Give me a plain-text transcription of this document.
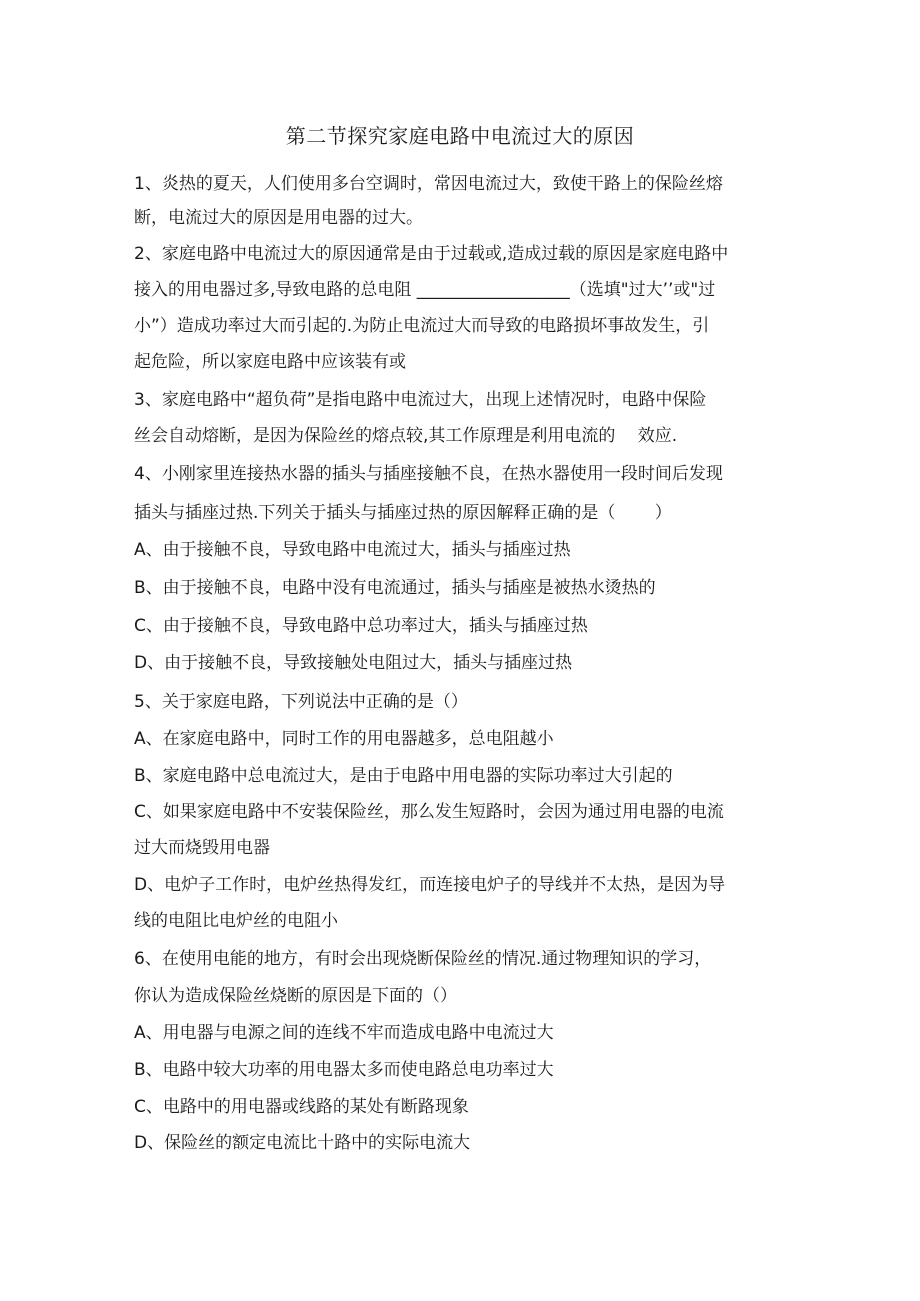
第二节探究家庭电路中电流过大的原因
1、炎热的夏天，人们使用多台空调时，常因电流过大，致使干路上的保险丝熔
断，电流过大的原因是用电器的过大。
2、家庭电路中电流过大的原因通常是由于过载或,造成过载的原因是家庭电路中
接入的用电器过多,导致电路的总电阻 __________________（选填"过大’’或"过
小”）造成功率过大而引起的.为防止电流过大而导致的电路损坏事故发生，引
起危险，所以家庭电路中应该装有或
3、家庭电路中“超负荷”是指电路中电流过大，出现上述情况时，电路中保险
丝会自动熔断，是因为保险丝的熔点较,其工作原理是利用电流的　 效应.
4、小刚家里连接热水器的插头与插座接触不良，在热水器使用一段时间后发现
插头与插座过热.下列关于插头与插座过热的原因解释正确的是（　　 ）
A、由于接触不良，导致电路中电流过大，插头与插座过热
B、由于接触不良，电路中没有电流通过，插头与插座是被热水烫热的
C、由于接触不良，导致电路中总功率过大，插头与插座过热
D、由于接触不良，导致接触处电阻过大，插头与插座过热
5、关于家庭电路，下列说法中正确的是（）
A、在家庭电路中，同时工作的用电器越多，总电阻越小
B、家庭电路中总电流过大，是由于电路中用电器的实际功率过大引起的
C、如果家庭电路中不安装保险丝，那么发生短路时，会因为通过用电器的电流
过大而烧毁用电器
D、电炉子工作时，电炉丝热得发红，而连接电炉子的导线并不太热，是因为导
线的电阻比电炉丝的电阻小
6、在使用电能的地方，有时会出现烧断保险丝的情况.通过物理知识的学习，
你认为造成保险丝烧断的原因是下面的（）
A、用电器与电源之间的连线不牢而造成电路中电流过大
B、电路中较大功率的用电器太多而使电路总电功率过大
C、电路中的用电器或线路的某处有断路现象
D、保险丝的额定电流比十路中的实际电流大
